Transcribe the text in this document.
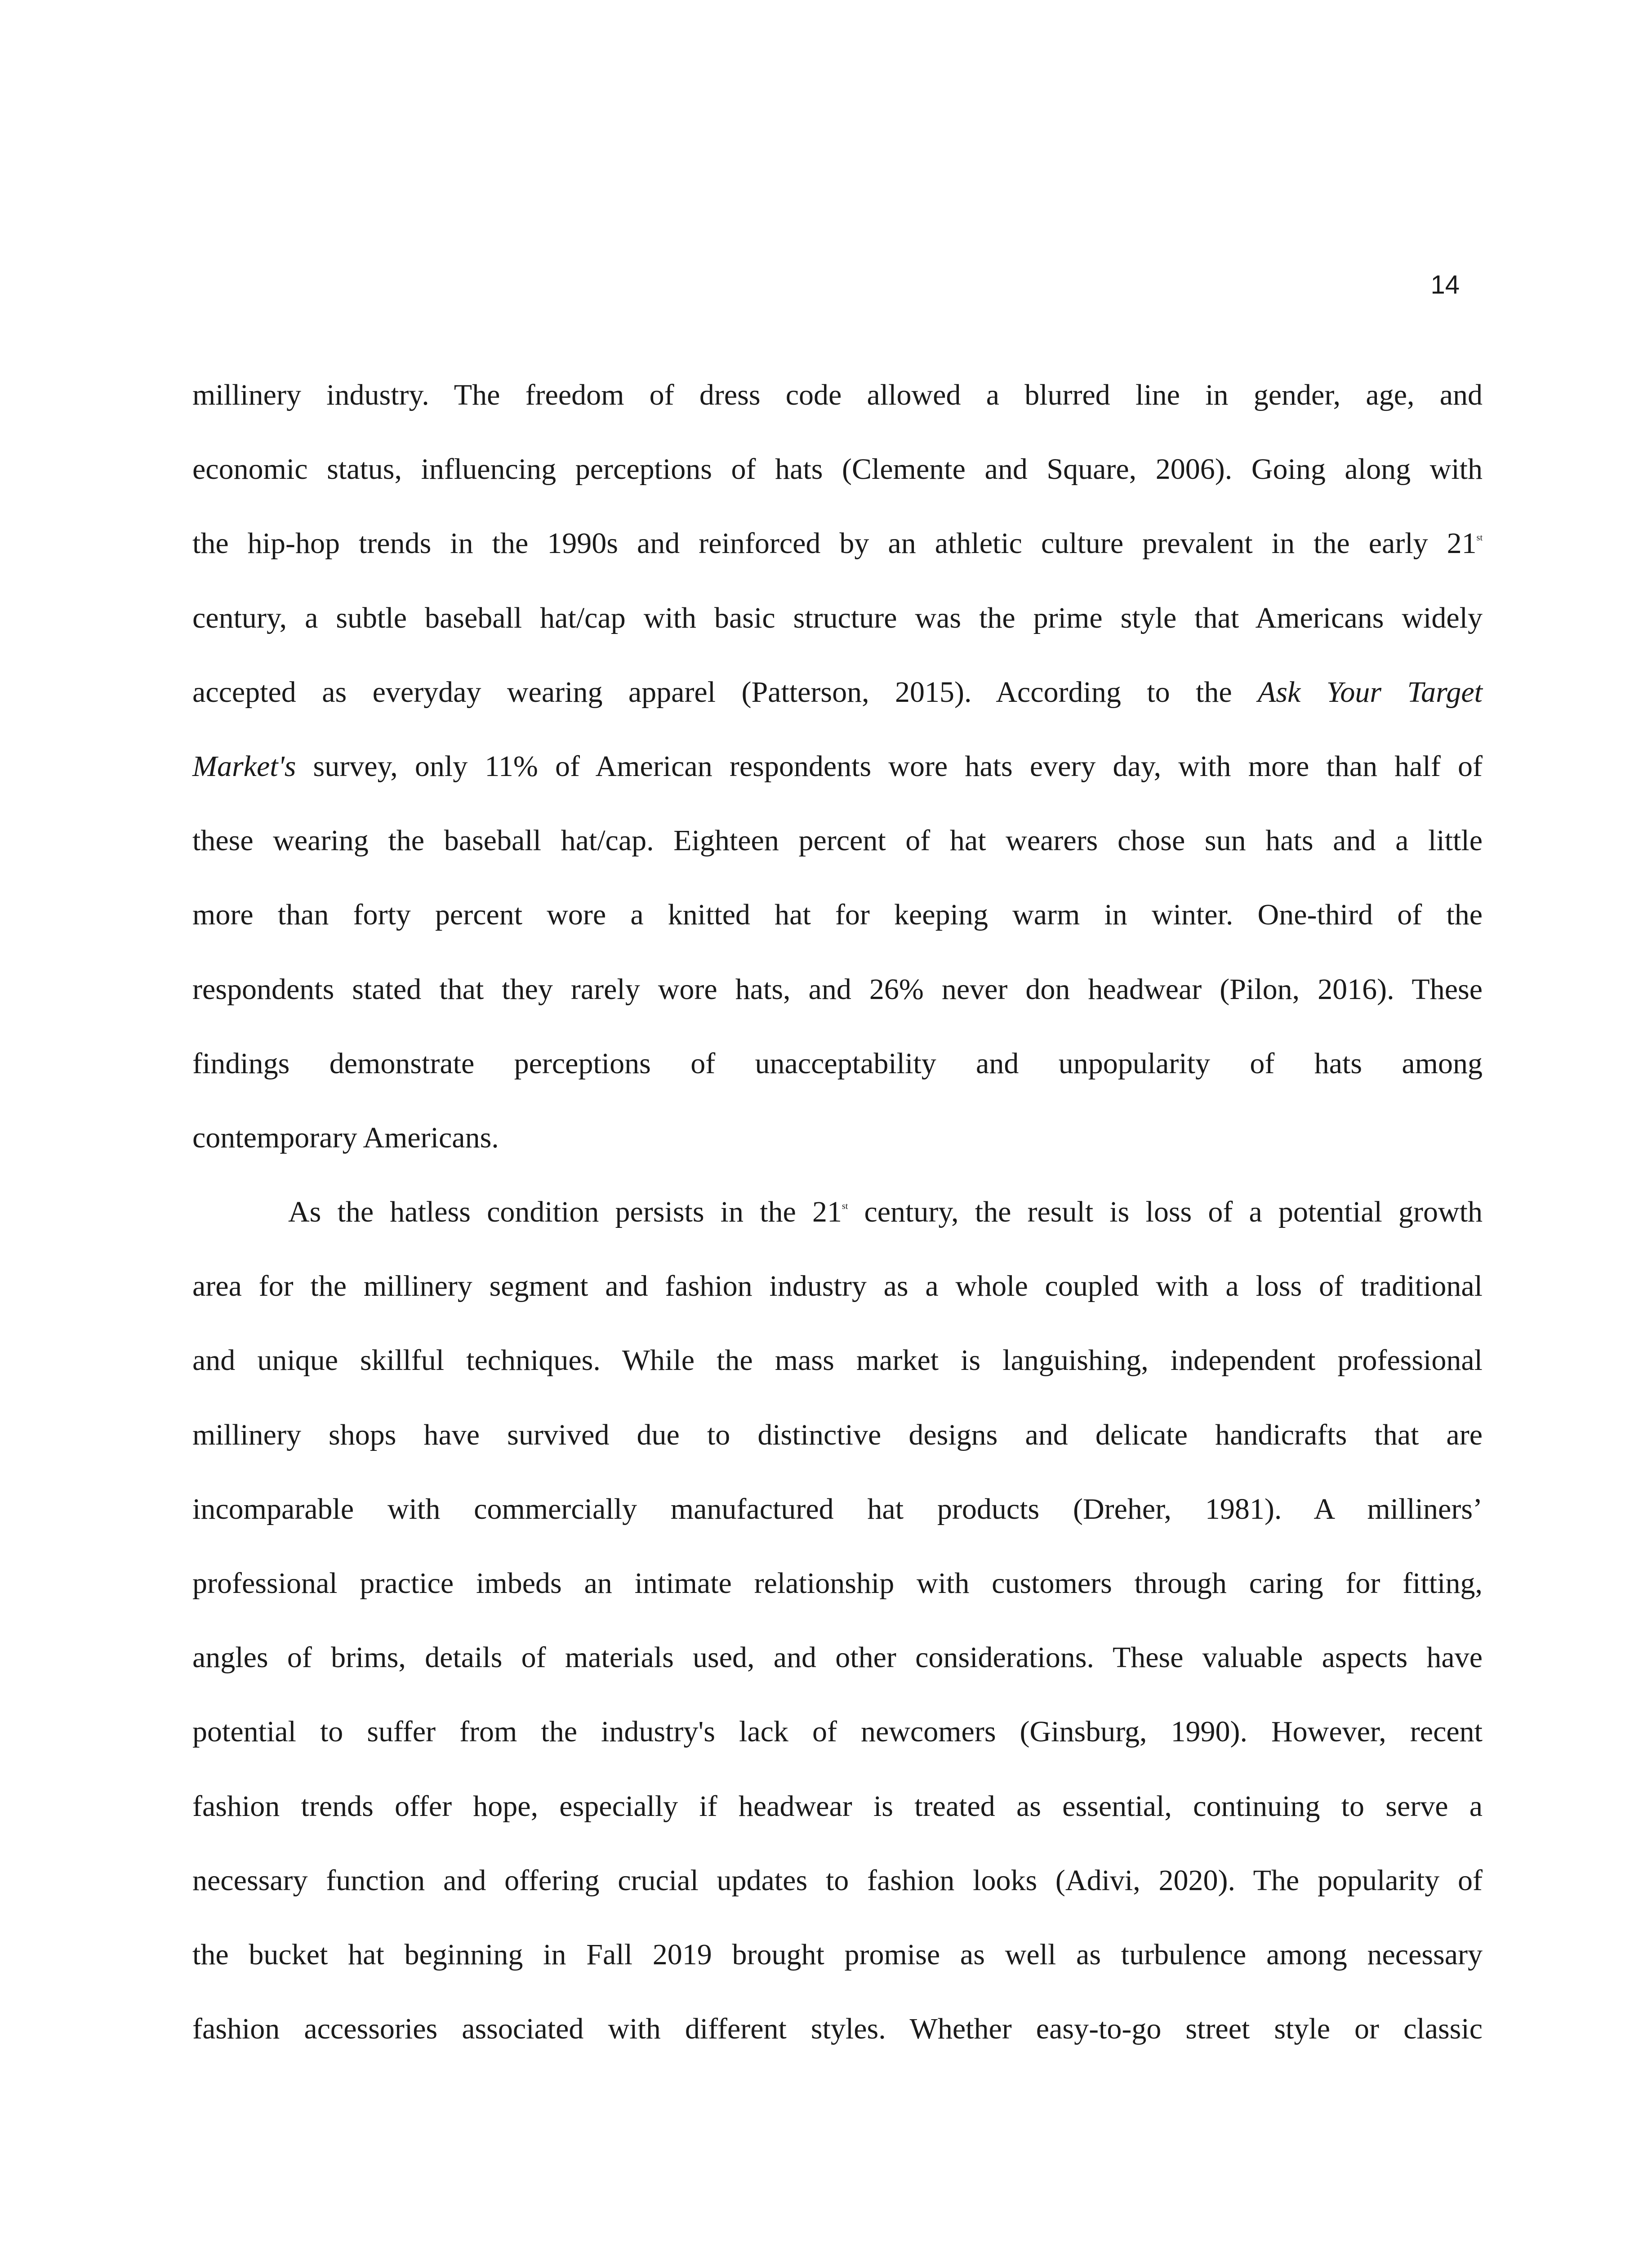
14
millinery industry. The freedom of dress code allowed a blurred line in gender, age, and
economic status, influencing perceptions of hats (Clemente and Square, 2006). Going along with
the hip-hop trends in the 1990s and reinforced by an athletic culture prevalent in the early 21st
century, a subtle baseball hat/cap with basic structure was the prime style that Americans widely
accepted as everyday wearing apparel (Patterson, 2015). According to the Ask Your Target
Market's survey, only 11% of American respondents wore hats every day, with more than half of
these wearing the baseball hat/cap. Eighteen percent of hat wearers chose sun hats and a little
more than forty percent wore a knitted hat for keeping warm in winter. One-third of the
respondents stated that they rarely wore hats, and 26% never don headwear (Pilon, 2016). These
findings demonstrate perceptions of unacceptability and unpopularity of hats among
contemporary Americans.
As the hatless condition persists in the 21st century, the result is loss of a potential growth
area for the millinery segment and fashion industry as a whole coupled with a loss of traditional
and unique skillful techniques. While the mass market is languishing, independent professional
millinery shops have survived due to distinctive designs and delicate handicrafts that are
incomparable with commercially manufactured hat products (Dreher, 1981). A milliners’
professional practice imbeds an intimate relationship with customers through caring for fitting,
angles of brims, details of materials used, and other considerations. These valuable aspects have
potential to suffer from the industry's lack of newcomers (Ginsburg, 1990). However, recent
fashion trends offer hope, especially if headwear is treated as essential, continuing to serve a
necessary function and offering crucial updates to fashion looks (Adivi, 2020). The popularity of
the bucket hat beginning in Fall 2019 brought promise as well as turbulence among necessary
fashion accessories associated with different styles. Whether easy-to-go street style or classic
